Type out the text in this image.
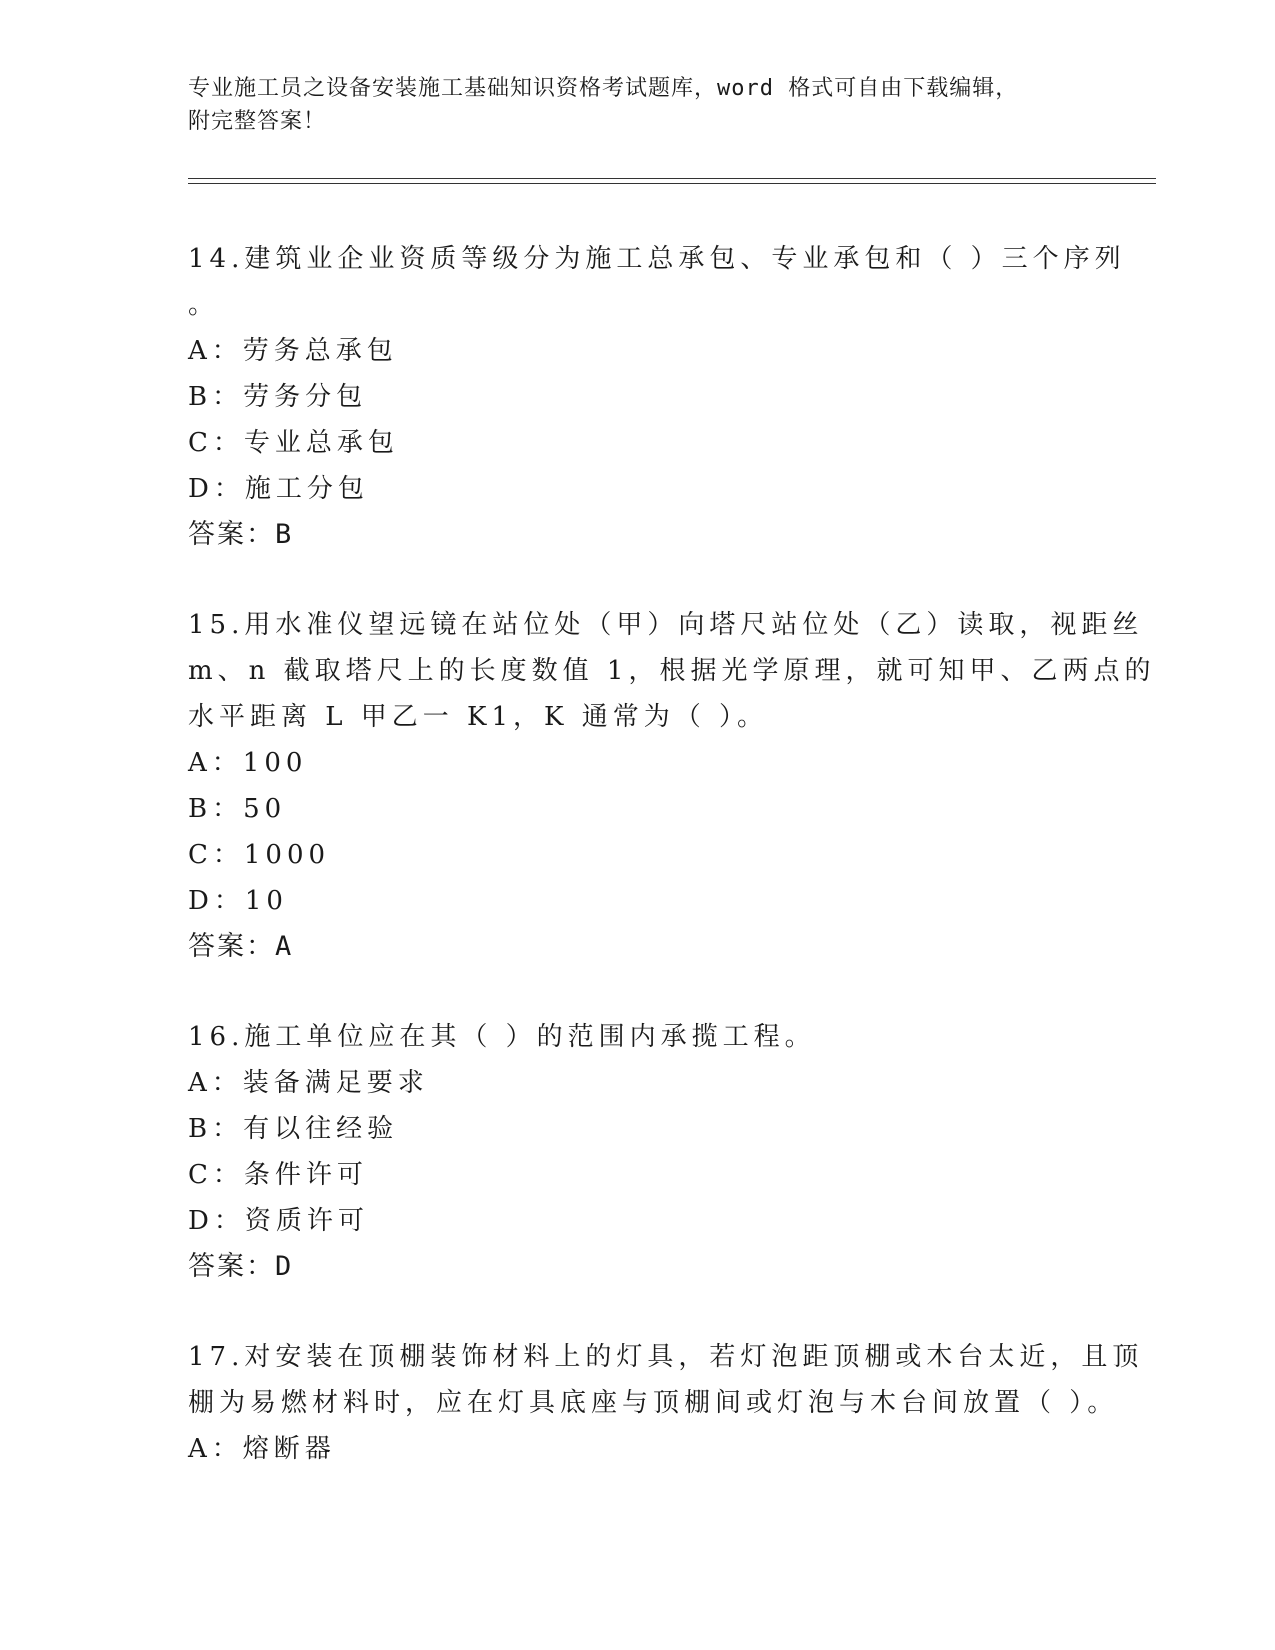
专业施工员之设备安装施工基础知识资格考试题库，word 格式可自由下载编辑，
附完整答案！
14.建筑业企业资质等级分为施工总承包、专业承包和（ ）三个序列
。
A：劳务总承包
B：劳务分包
C：专业总承包
D：施工分包
答案：B
15.用水准仪望远镜在站位处（甲）向塔尺站位处（乙）读取，视距丝
m、n 截取塔尺上的长度数值 1，根据光学原理，就可知甲、乙两点的
水平距离 L 甲乙一 K1，K 通常为（ ）。
A：100
B：50
C：1000
D：10
答案：A
16.施工单位应在其（ ）的范围内承揽工程。
A：装备满足要求
B：有以往经验
C：条件许可
D：资质许可
答案：D
17.对安装在顶棚装饰材料上的灯具，若灯泡距顶棚或木台太近，且顶
棚为易燃材料时，应在灯具底座与顶棚间或灯泡与木台间放置（ ）。
A：熔断器
